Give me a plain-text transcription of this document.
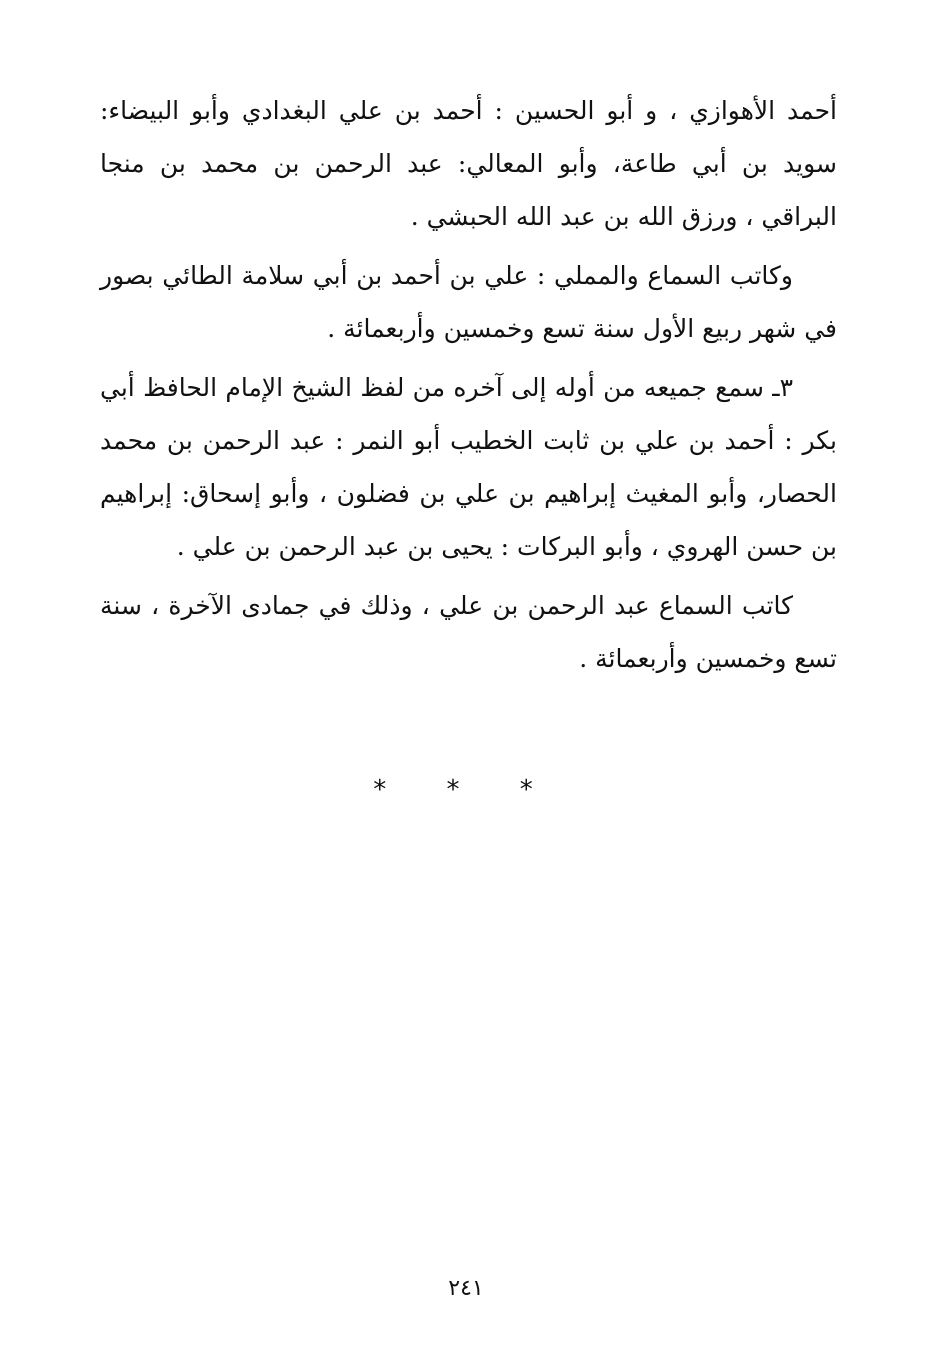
أحمد الأهوازي ، و أبو الحسين : أحمد بن علي البغدادي وأبو البيضاء: سويد بن أبي طاعة، وأبو المعالي: عبد الرحمن بن محمد بن منجا البراقي ، ورزق الله بن عبد الله الحبشي .

وكاتب السماع والمملي : علي بن أحمد بن أبي سلامة الطائي بصور في شهر ربيع الأول سنة تسع وخمسين وأربعمائة .

٣ـ سمع جميعه من أوله إلى آخره من لفظ الشيخ الإمام الحافظ أبي بكر : أحمد بن علي بن ثابت الخطيب أبو النمر : عبد الرحمن بن محمد الحصار، وأبو المغيث إبراهيم بن علي بن فضلون ، وأبو إسحاق: إبراهيم بن حسن الهروي ، وأبو البركات : يحيى بن عبد الرحمن بن علي .

كاتب السماع عبد الرحمن بن علي ، وذلك في جمادى الآخرة ، سنة تسع وخمسين وأربعمائة .

* * *
٢٤١
